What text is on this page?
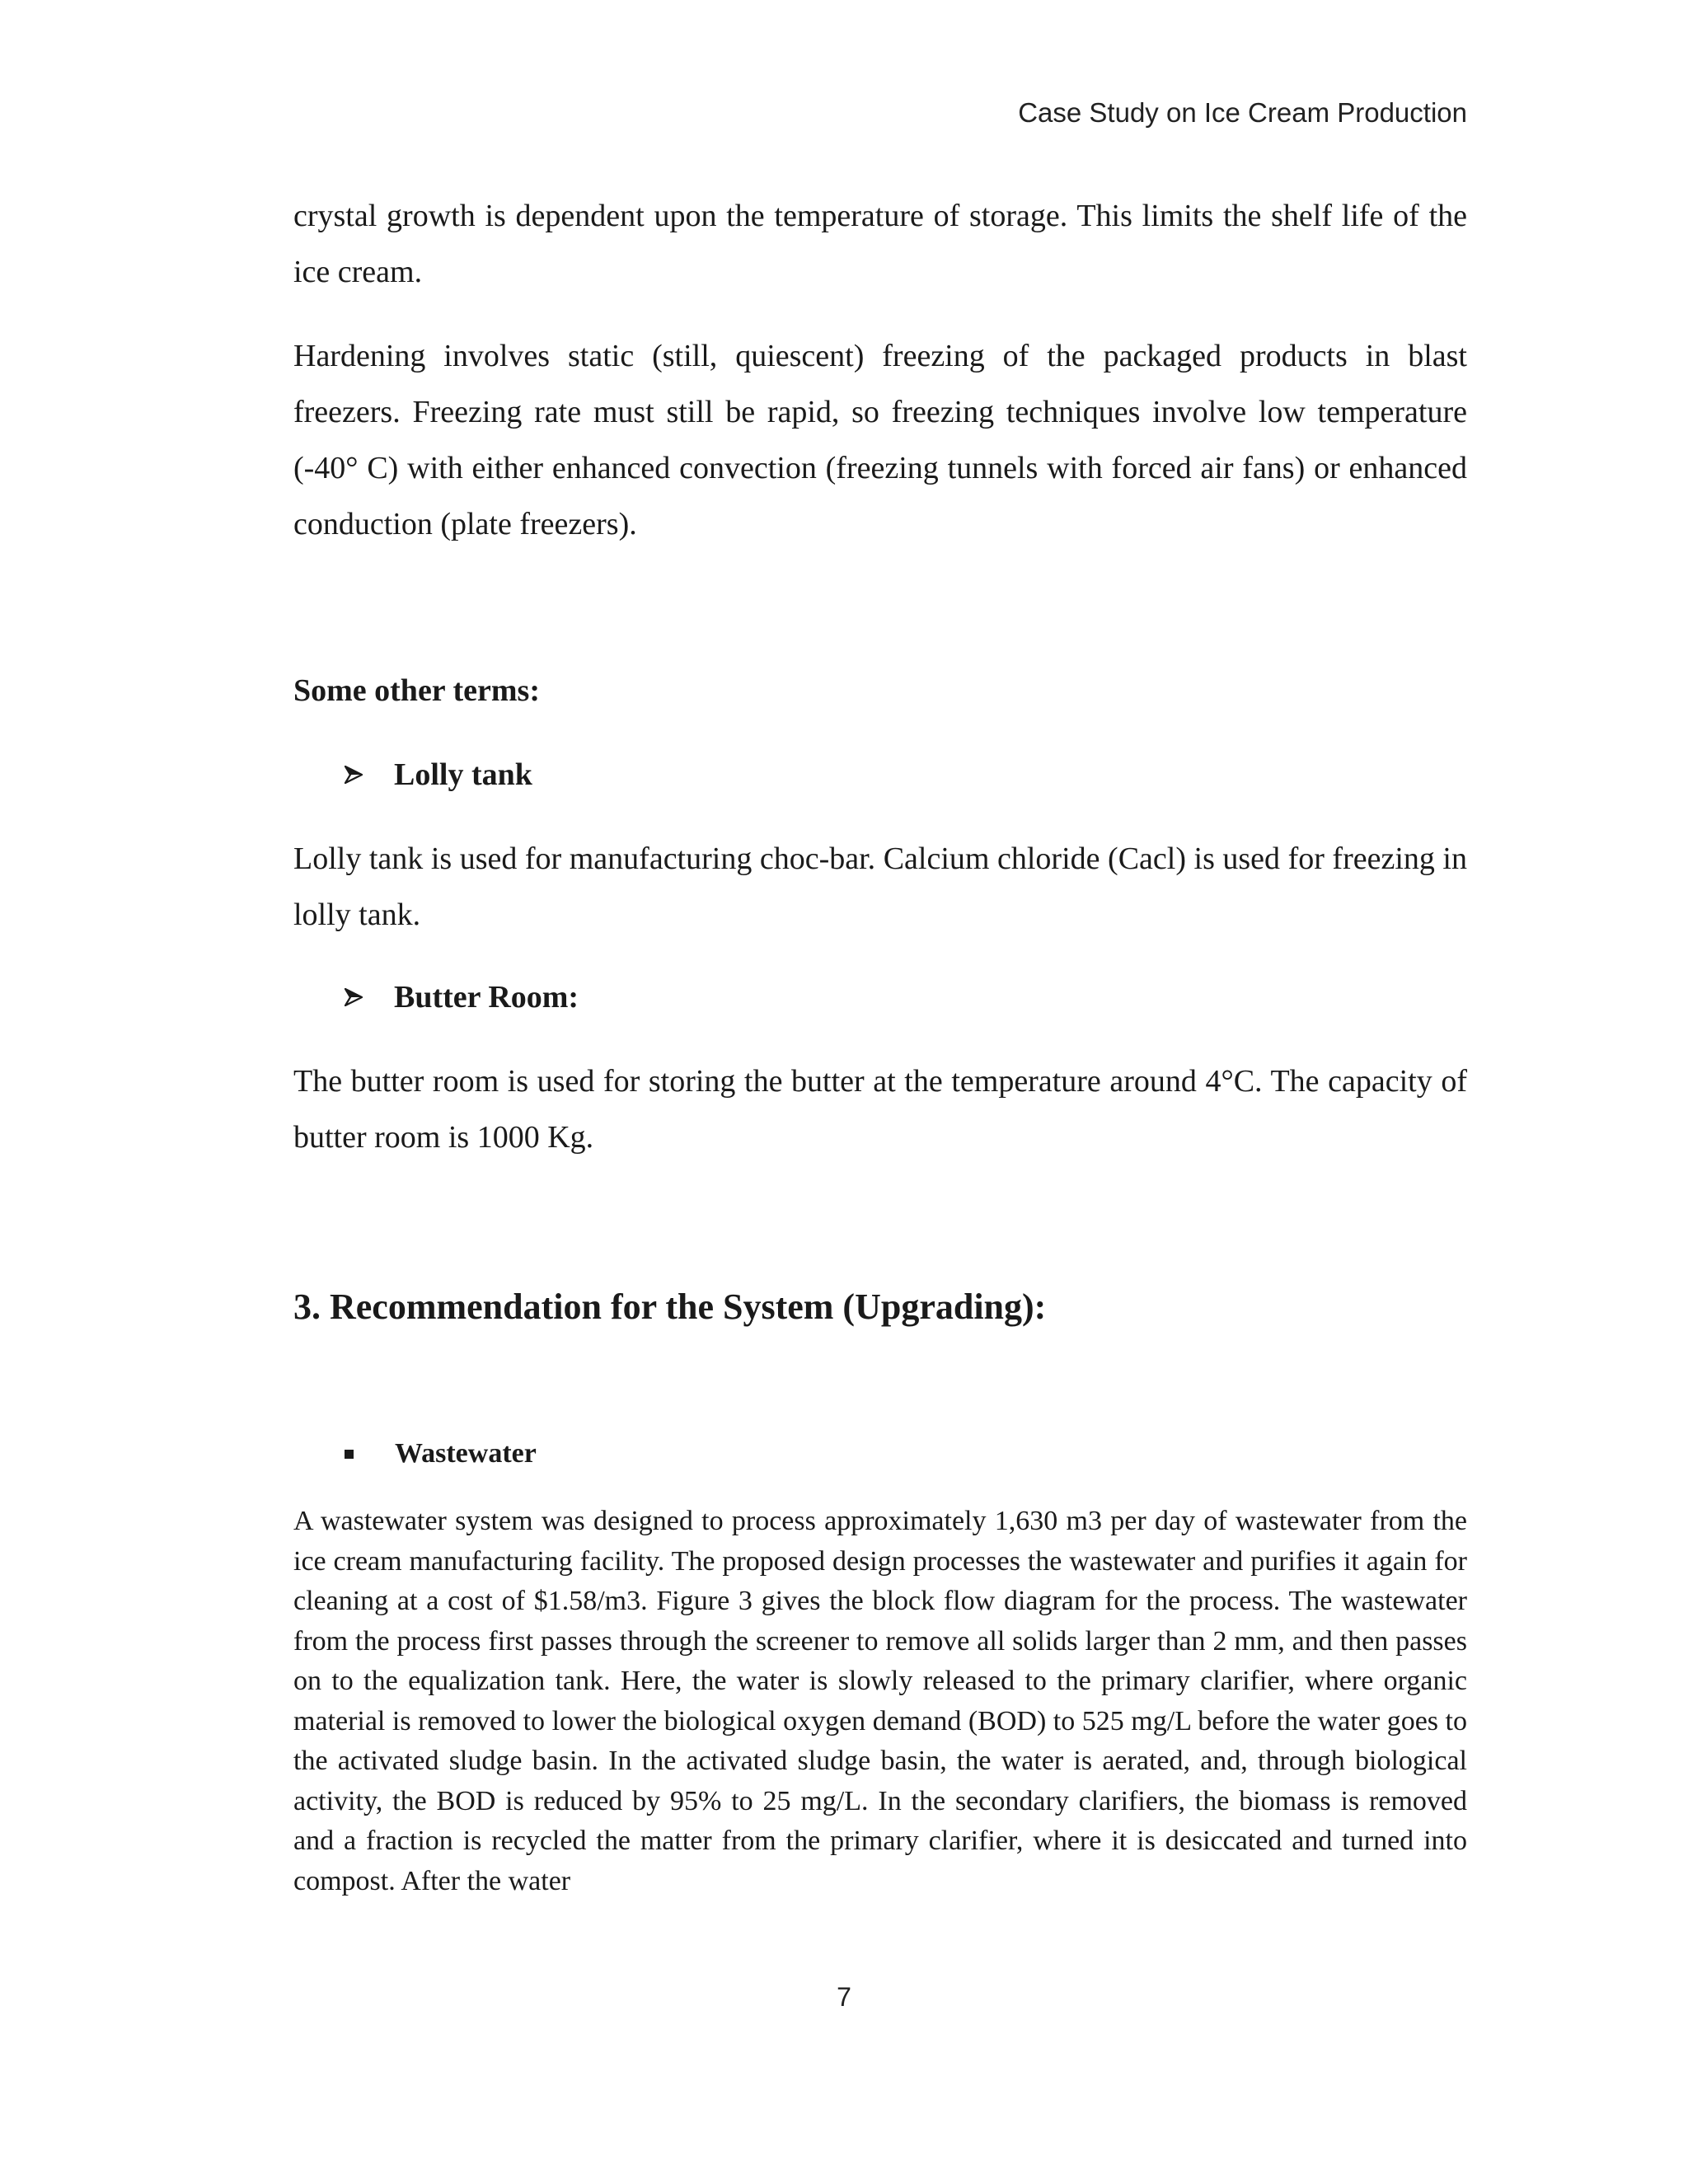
Case Study on Ice Cream Production

crystal growth is dependent upon the temperature of storage. This limits the shelf life of the ice cream.

Hardening involves static (still, quiescent) freezing of the packaged products in blast freezers. Freezing rate must still be rapid, so freezing techniques involve low temperature (-40° C) with either enhanced convection (freezing tunnels with forced air fans) or enhanced conduction (plate freezers).

Some other terms:

Lolly tank

Lolly tank is used for manufacturing choc-bar. Calcium chloride (Cacl) is used for freezing in lolly tank.

Butter Room:

The butter room is used for storing the butter at the temperature around 4°C. The capacity of butter room is 1000 Kg.

3. Recommendation for the System (Upgrading):
Wastewater

A wastewater system was designed to process approximately 1,630 m3 per day of wastewater from the ice cream manufacturing facility. The proposed design processes the wastewater and purifies it again for cleaning at a cost of $1.58/m3. Figure 3 gives the block flow diagram for the process. The wastewater from the process first passes through the screener to remove all solids larger than 2 mm, and then passes on to the equalization tank. Here, the water is slowly released to the primary clarifier, where organic material is removed to lower the biological oxygen demand (BOD) to 525 mg/L before the water goes to the activated sludge basin. In the activated sludge basin, the water is aerated, and, through biological activity, the BOD is reduced by 95% to 25 mg/L. In the secondary clarifiers, the biomass is removed and a fraction is recycled the matter from the primary clarifier, where it is desiccated and turned into compost. After the water

7
